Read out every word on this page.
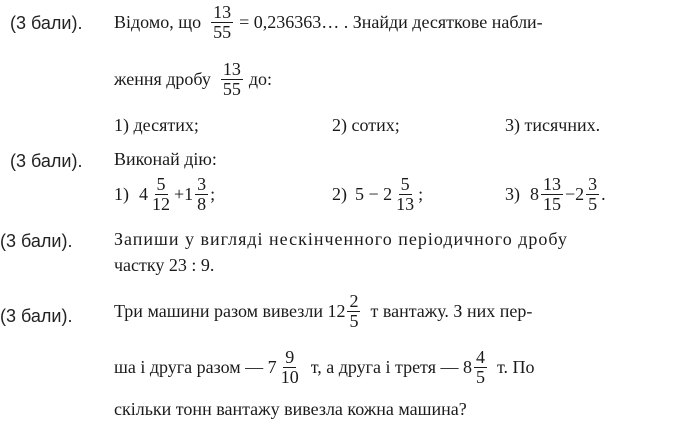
(3 бали). Відомо, що $\frac{13}{55}$ = 0,236363… . Знайди десяткове набли-
ження дробу $\frac{13}{55}$ до:
1) десятих;	2) сотих;	3) тисячних.
(3 бали). Виконай дію:
1) $4 \frac{5}{12} + 1 \frac{3}{8}$ ;	2) $5 - 2 \frac{5}{13}$ ;	3) $8 \frac{13}{15} - 2 \frac{3}{5}$ .
(3 бали). Запиши у вигляді нескінченного періодичного дробу
частку 23 : 9.
(3 бали). Три машини разом вивезли $12 \frac{2}{5}$ т вантажу. З них пер-
ша і друга разом — $7 \frac{9}{10} т$, а друга і третя — $8 \frac{4}{5} т$. По
скільки тонн вантажу вивезла кожна машина?
